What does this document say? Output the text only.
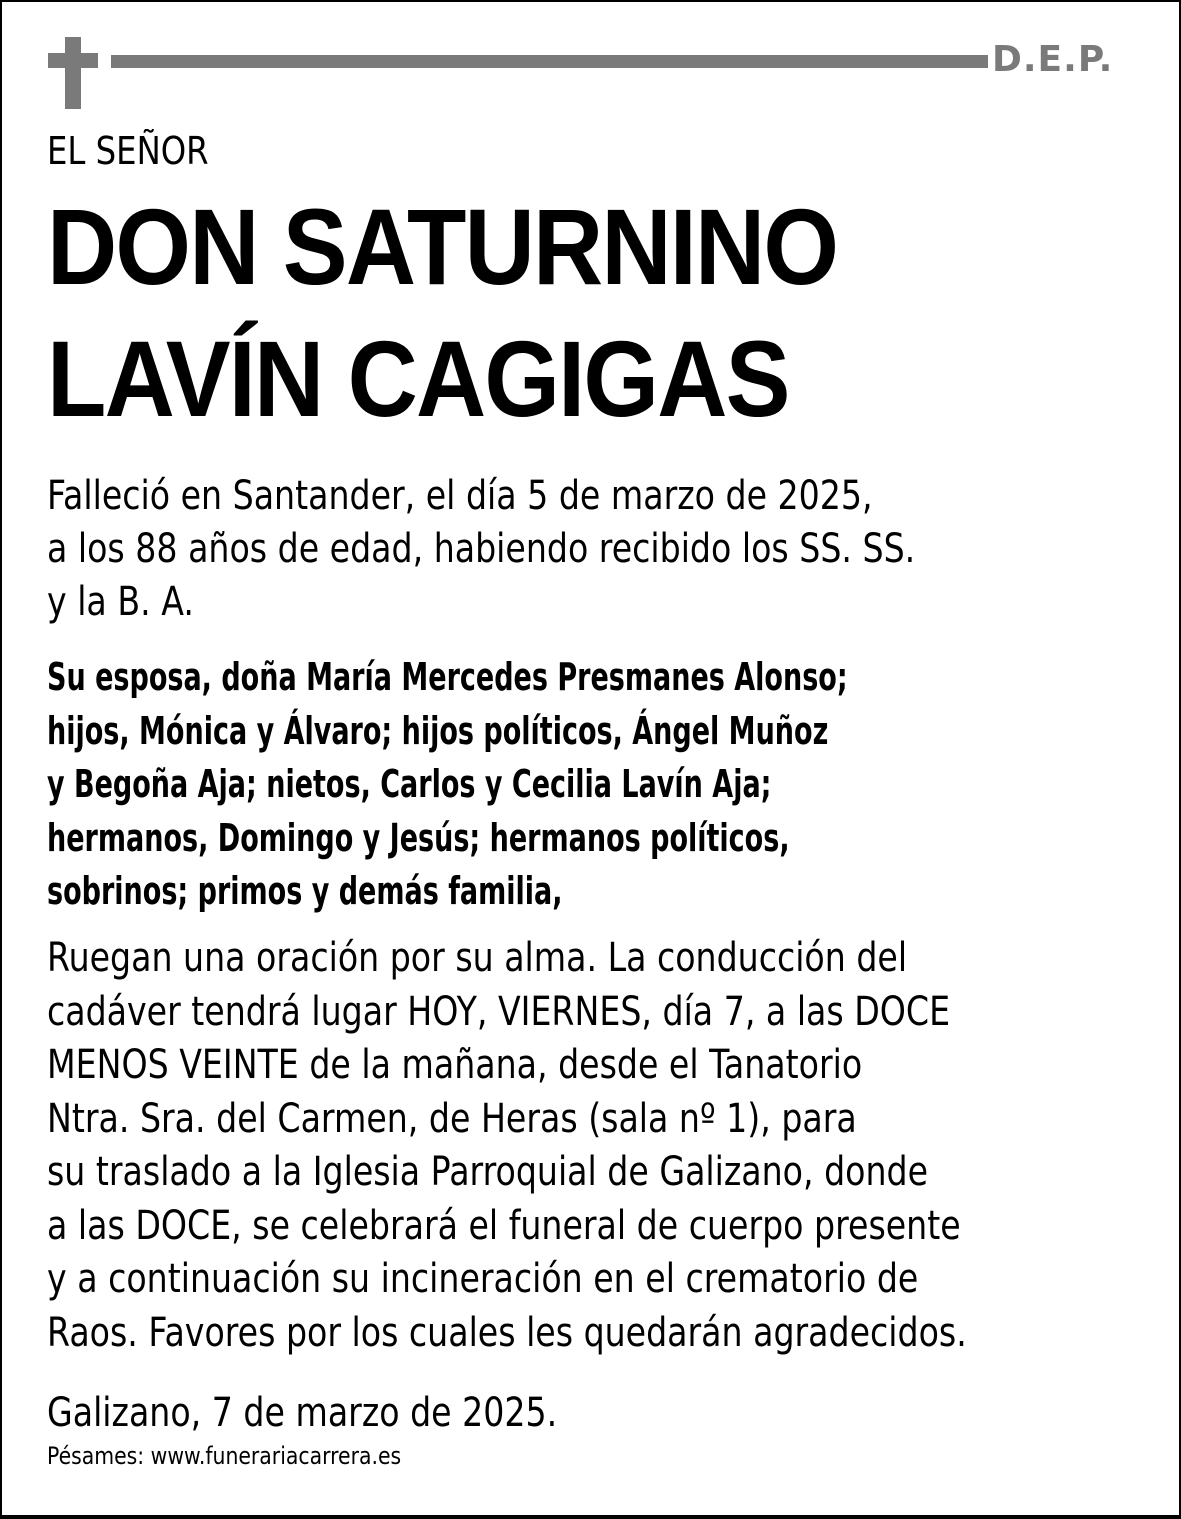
D.E.P.
EL SEÑOR
DON SATURNINO
LAVÍN CAGIGAS
Falleció en Santander, el día 5 de marzo de 2025,
a los 88 años de edad, habiendo recibido los SS. SS.
y la B. A.
Su esposa, doña María Mercedes Presmanes Alonso;
hijos, Mónica y Álvaro; hijos políticos, Ángel Muñoz
y Begoña Aja; nietos, Carlos y Cecilia Lavín Aja;
hermanos, Domingo y Jesús; hermanos políticos,
sobrinos; primos y demás familia,
Ruegan una oración por su alma. La conducción del
cadáver tendrá lugar HOY, VIERNES, día 7, a las DOCE
MENOS VEINTE de la mañana, desde el Tanatorio
Ntra. Sra. del Carmen, de Heras (sala nº 1), para
su traslado a la Iglesia Parroquial de Galizano, donde
a las DOCE, se celebrará el funeral de cuerpo presente
y a continuación su incineración en el crematorio de
Raos. Favores por los cuales les quedarán agradecidos.
Galizano, 7 de marzo de 2025.
Pésames: www.funerariacarrera.es
